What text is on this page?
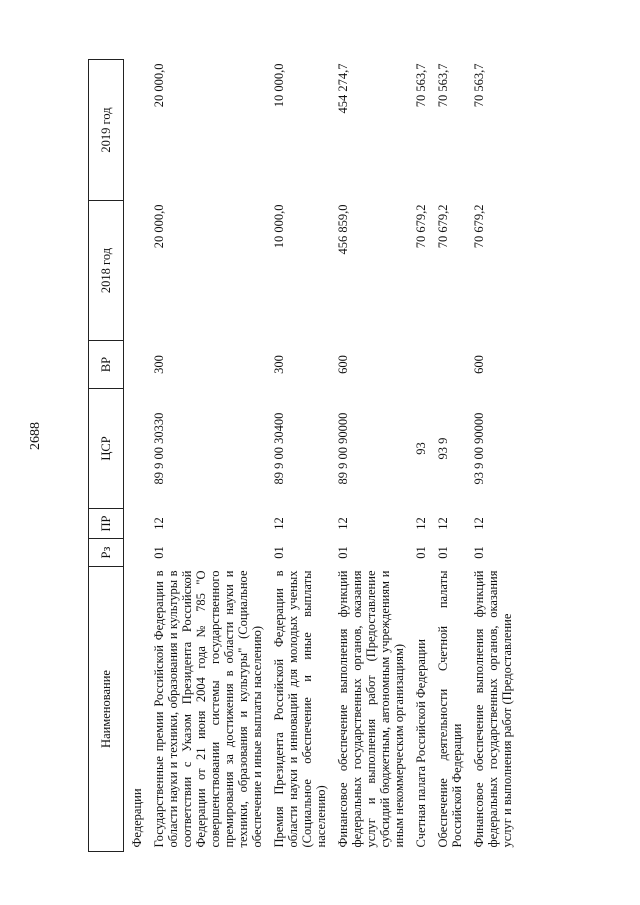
2688
Наименование	Рз	ПР	ЦСР	ВР	2018 год	2019 год
Федерации						
Государственные премии Российской Федерации в области науки и техники, образования и культуры в соответствии с Указом Президента Российской Федерации от 21 июня 2004 года № 785 "О совершенствовании системы государственного премирования за достижения в области науки и техники, образования и культуры" (Социальное обеспечение и иные выплаты населению)	01	12	89 9 00 30330	300	20 000,0	20 000,0
Премия Президента Российской Федерации в области науки и инноваций для молодых ученых (Социальное обеспечение и иные выплаты населению)	01	12	89 9 00 30400	300	10 000,0	10 000,0
Финансовое обеспечение выполнения функций федеральных государственных органов, оказания услуг и выполнения работ (Предоставление субсидий бюджетным, автономным учреждениям и иным некоммерческим организациям)	01	12	89 9 00 90000	600	456 859,0	454 274,7
Счетная палата Российской Федерации	01	12	93		70 679,2	70 563,7
Обеспечение деятельности Счетной палаты Российской Федерации	01	12	93 9		70 679,2	70 563,7
Финансовое обеспечение выполнения функций федеральных государственных органов, оказания услуг и выполнения работ (Предоставление	01	12	93 9 00 90000	600	70 679,2	70 563,7
